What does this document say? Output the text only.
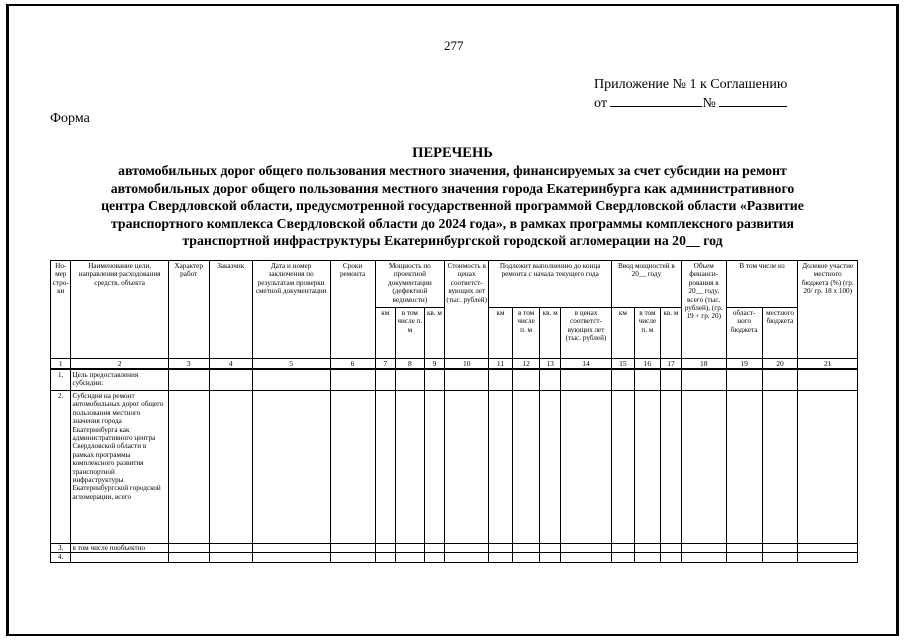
277
Приложение № 1 к Соглашению
от	№
Форма
ПЕРЕЧЕНЬ
автомобильных дорог общего пользования местного значения, финансируемых за счет субсидии на ремонт
автомобильных дорог общего пользования местного значения города Екатеринбурга как административного
центра Свердловской области, предусмотренной государственной программой Свердловской области «Развитие
транспортного комплекса Свердловской области до 2024 года», в рамках программы комплексного развития
транспортной инфраструктуры Екатеринбургской городской агломерации на 20__ год
Но-мер стро-ки	Наименование цели, направления расходования средств, объекта	Характер работ	Заказчик	Дата и номер заключения по результатам проверки сметной документации	Сроки ремонта	Мощность по проектной документации (дефектной ведомости)			Стоимость в ценах соответст-вующих лет (тыс. рублей)	Подлежит выполнению до конца ремонта с начала текущего года				Ввод мощностей в 20__ году			Объем финанси-рования в 20__ году, всего (тыс. рублей), (гр. 19 + гр. 20)	В том числе из		Долевое участие местного бюджета (%) (гр. 20/ гр. 18 х 100)
						км	в том числе п. м	кв. м		км	в том числе п. м	кв. м	в ценах соответст-вующих лет (тыс. рублей)	км	в том числе п. м	кв. м		област-ного бюджета	местного бюджета	
1	2	3	4	5	6	7	8	9	10	11	12	13	14	15	16	17	18	19	20	21
1.	Цель предоставления субсидии:																			
2.	Субсидия на ремонт автомобильных дорог общего пользования местного значения города Екатеринбурга как административного центра Свердловской области в рамках программы комплексного развития транспортной инфраструктуры Екатеринбургской городской агломерации, всего																			
3.	в том числе пообъектно																			
4.																				
